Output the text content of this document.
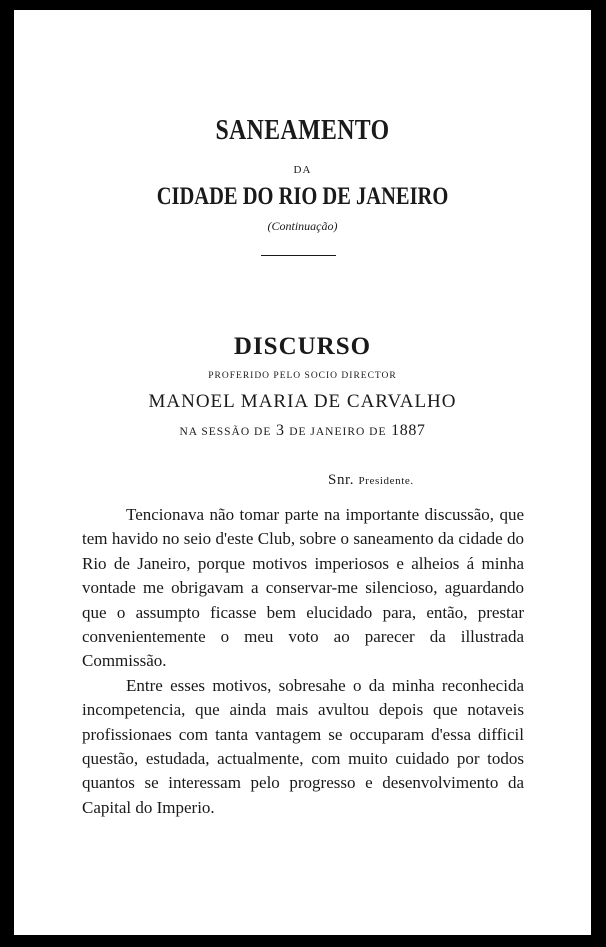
SANEAMENTO
DA
CIDADE DO RIO DE JANEIRO
(Continuação)
DISCURSO
PROFERIDO PELO SOCIO DIRECTOR
MANOEL MARIA DE CARVALHO
NA SESSÃO DE 3 DE JANEIRO DE 1887
Snr. Presidente.

Tencionava não tomar parte na importante discussão, que tem havido no seio d'este Club, sobre o saneamento da cidade do Rio de Janeiro, porque motivos imperiosos e alheios á minha vontade me obrigavam a conservar-me silencioso, aguardando que o assumpto ficasse bem elucidado para, então, prestar convenientemente o meu voto ao parecer da illustrada Commissão.

Entre esses motivos, sobresahe o da minha reconhecida incompetencia, que ainda mais avultou depois que notaveis profissionaes com tanta vantagem se occuparam d'essa difficil questão, estudada, actualmente, com muito cuidado por todos quantos se interessam pelo progresso e desenvolvimento da Capital do Imperio.
